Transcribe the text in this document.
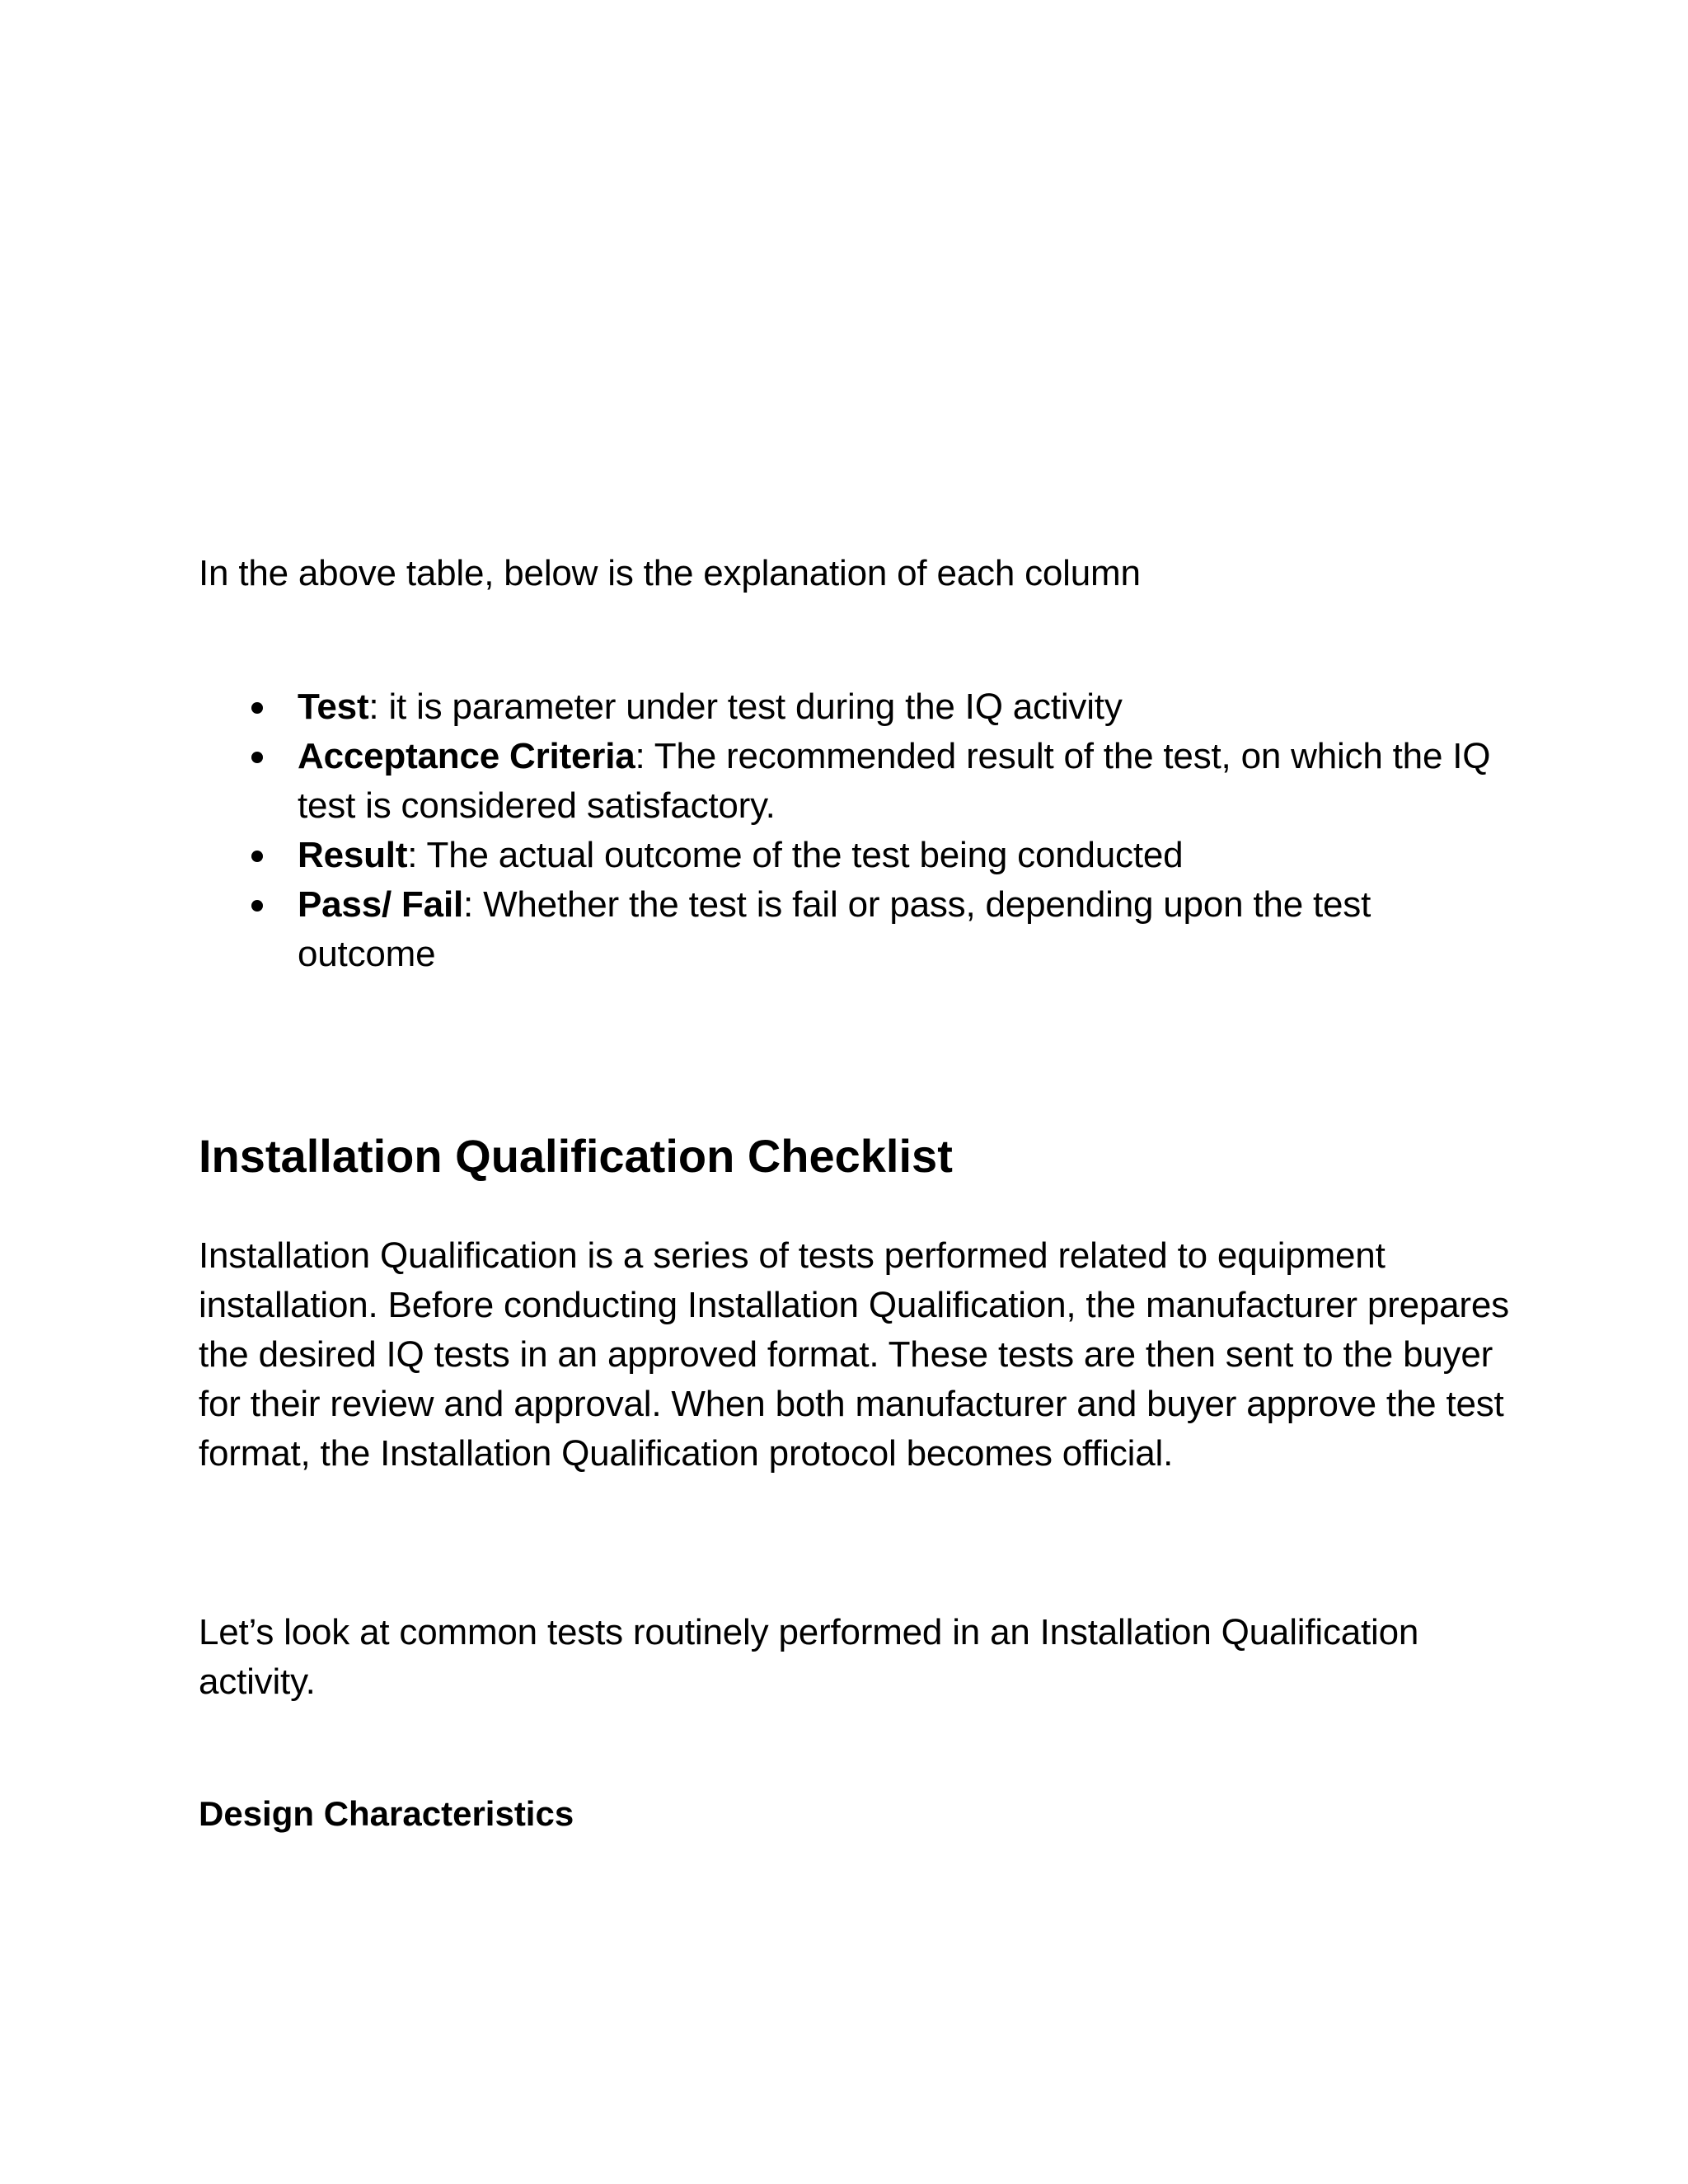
In the above table, below is the explanation of each column

Test: it is parameter under test during the IQ activity
Acceptance Criteria: The recommended result of the test, on which the IQ test is considered satisfactory.
Result: The actual outcome of the test being conducted
Pass/ Fail: Whether the test is fail or pass, depending upon the test outcome
Installation Qualification Checklist

Installation Qualification is a series of tests performed related to equipment installation. Before conducting Installation Qualification, the manufacturer prepares the desired IQ tests in an approved format. These tests are then sent to the buyer for their review and approval. When both manufacturer and buyer approve the test format, the Installation Qualification protocol becomes official.

Let’s look at common tests routinely performed in an Installation Qualification activity.

Design Characteristics
